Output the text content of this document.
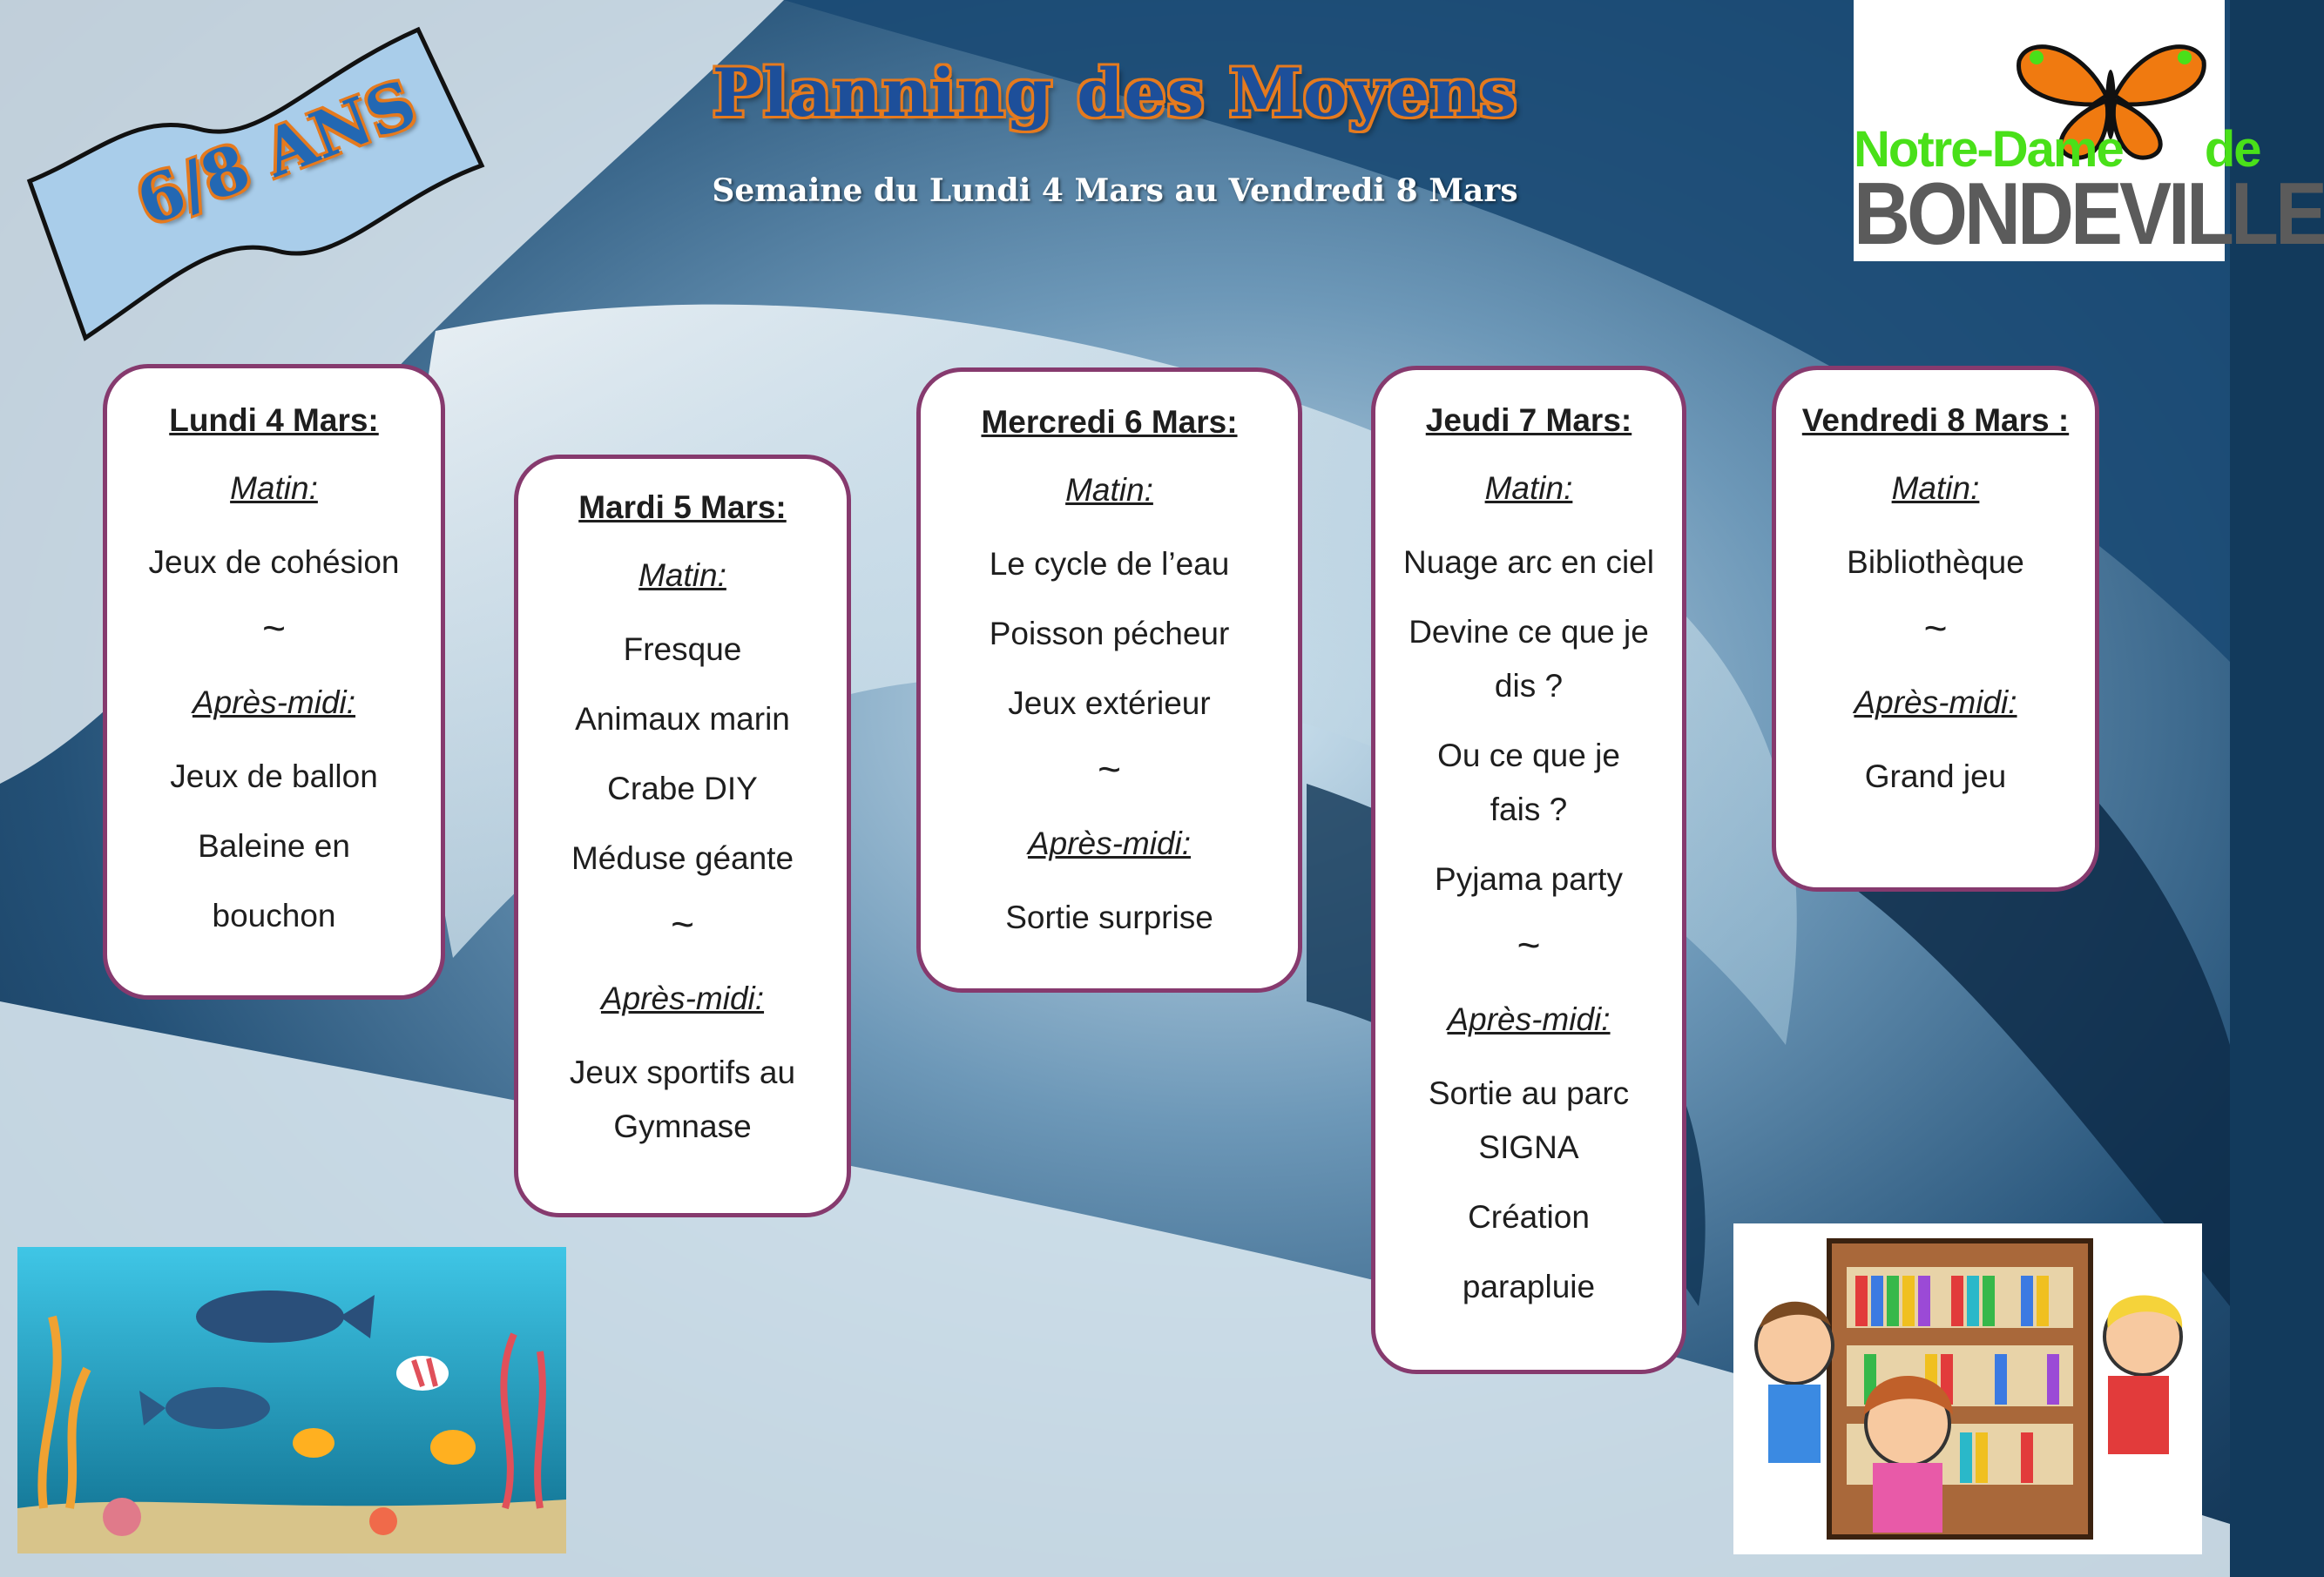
6/8 ANS	Planning des Moyens
Semaine du Lundi 4 Mars au Vendredi 8 Mars
Notre-Dame de
BONDEVILLE
Lundi 4 Mars:
Matin:
Jeux de cohésion
~
Après-midi:
Jeux de ballon
Baleine en
bouchon
Mardi 5 Mars:
Matin:
Fresque
Animaux marin
Crabe DIY
Méduse géante
~
Après-midi:
Jeux sportifs au Gymnase
Mercredi 6 Mars:
Matin:
Le cycle de l’eau
Poisson pécheur
Jeux extérieur
~
Après-midi:
Sortie surprise
Jeudi 7 Mars:
Matin:
Nuage arc en ciel
Devine ce que je dis ?
Ou ce que je fais ?
Pyjama party
~
Après-midi:
Sortie au parc SIGNA
Création
parapluie
Vendredi 8 Mars :
Matin:
Bibliothèque
~
Après-midi:
Grand jeu
